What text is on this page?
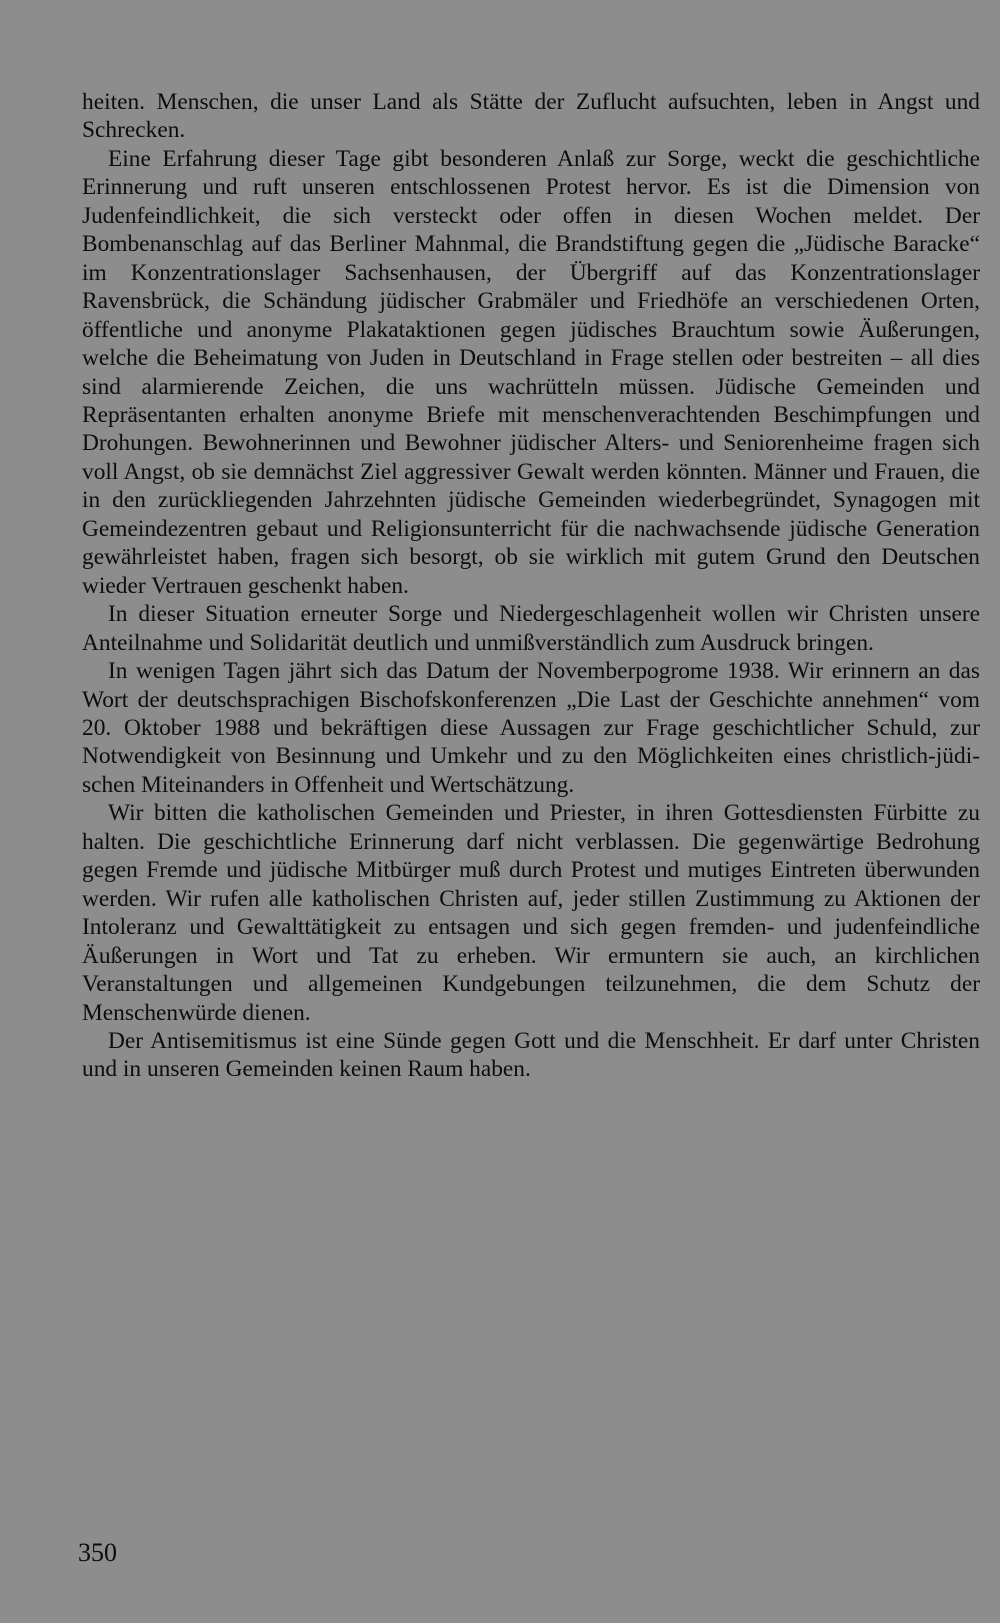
heiten. Menschen, die unser Land als Stätte der Zuflucht aufsuchten, leben in Angst und Schrecken.

Eine Erfahrung dieser Tage gibt besonderen Anlaß zur Sorge, weckt die geschichtliche Erinnerung und ruft unseren entschlossenen Protest hervor. Es ist die Dimension von Judenfeindlichkeit, die sich versteckt oder offen in diesen Wochen meldet. Der Bombenanschlag auf das Berliner Mahnmal, die Brandstiftung gegen die „Jüdische Baracke“ im Konzentrationslager Sachsenhausen, der Übergriff auf das Konzentrationslager Ravensbrück, die Schändung jüdischer Grabmäler und Friedhöfe an verschiedenen Orten, öffentliche und anonyme Plakataktionen gegen jüdisches Brauchtum sowie Äußerungen, welche die Beheimatung von Juden in Deutschland in Frage stellen oder bestreiten – all dies sind alarmierende Zeichen, die uns wachrütteln müssen. Jüdische Gemeinden und Repräsentanten erhalten anonyme Briefe mit menschenverachtenden Beschimpfungen und Drohungen. Bewohnerinnen und Bewohner jüdischer Alters- und Seniorenheime fragen sich voll Angst, ob sie demnächst Ziel aggressiver Gewalt werden könnten. Männer und Frauen, die in den zurückliegenden Jahrzehnten jüdische Gemeinden wiederbegründet, Synagogen mit Gemeindezentren gebaut und Religionsunterricht für die nachwachsende jüdische Generation gewährleistet haben, fragen sich besorgt, ob sie wirklich mit gutem Grund den Deutschen wieder Vertrauen geschenkt haben.

In dieser Situation erneuter Sorge und Niedergeschlagenheit wollen wir Christen unsere Anteilnahme und Solidarität deutlich und unmißverständlich zum Ausdruck bringen.

In wenigen Tagen jährt sich das Datum der Novemberpogrome 1938. Wir erinnern an das Wort der deutschsprachigen Bischofskonferenzen „Die Last der Geschichte annehmen“ vom 20. Oktober 1988 und bekräftigen diese Aussagen zur Frage geschichtlicher Schuld, zur Notwendigkeit von Besinnung und Umkehr und zu den Möglichkeiten eines christlich-jüdischen Miteinanders in Offenheit und Wertschätzung.

Wir bitten die katholischen Gemeinden und Priester, in ihren Gottesdiensten Fürbitte zu halten. Die geschichtliche Erinnerung darf nicht verblassen. Die gegenwärtige Bedrohung gegen Fremde und jüdische Mitbürger muß durch Protest und mutiges Eintreten überwunden werden. Wir rufen alle katholischen Christen auf, jeder stillen Zustimmung zu Aktionen der Intoleranz und Gewalttätigkeit zu entsagen und sich gegen fremden- und judenfeindliche Äußerungen in Wort und Tat zu erheben. Wir ermuntern sie auch, an kirchlichen Veranstaltungen und allgemeinen Kundgebungen teilzunehmen, die dem Schutz der Menschenwürde dienen.

Der Antisemitismus ist eine Sünde gegen Gott und die Menschheit. Er darf unter Christen und in unseren Gemeinden keinen Raum haben.

350
